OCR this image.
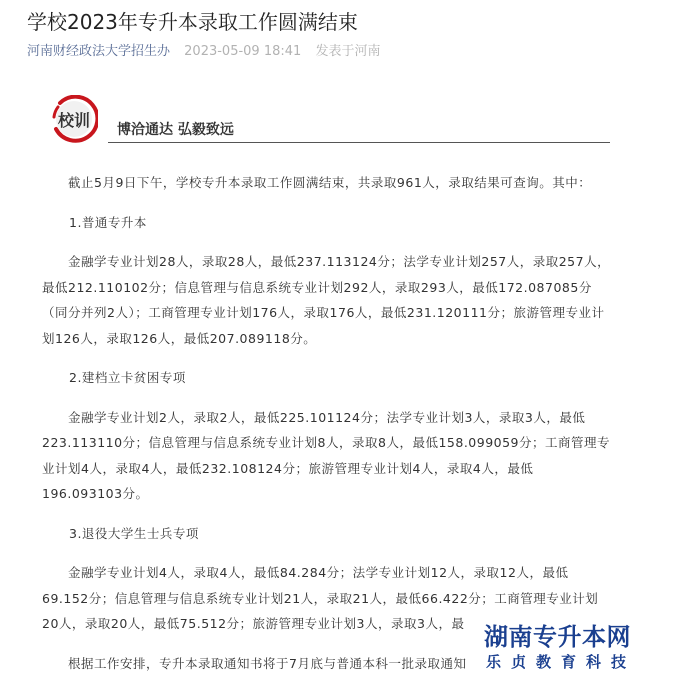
学校2023年专升本录取工作圆满结束
河南财经政法大学招生办 2023-05-09 18:41 发表于河南
校训 博洽通达 弘毅致远

截止5月9日下午，学校专升本录取工作圆满结束，共录取961人，录取结果可查询。其中：

1.普通专升本

金融学专业计划28人，录取28人，最低237.113124分；法学专业计划257人，录取257人，最低212.110102分；信息管理与信息系统专业计划292人，录取293人，最低172.087085分（同分并列2人）；工商管理专业计划176人，录取176人，最低231.120111分；旅游管理专业计划126人，录取126人，最低207.089118分。

2.建档立卡贫困专项

金融学专业计划2人，录取2人，最低225.101124分；法学专业计划3人，录取3人，最低223.113110分；信息管理与信息系统专业计划8人，录取8人，最低158.099059分；工商管理专业计划4人，录取4人，最低232.108124分；旅游管理专业计划4人，录取4人，最低196.093103分。

3.退役大学生士兵专项

金融学专业计划4人，录取4人，最低84.284分；法学专业计划12人，录取12人，最低69.152分；信息管理与信息系统专业计划21人，录取21人，最低66.422分；工商管理专业计划20人，录取20人，最低75.512分；旅游管理专业计划3人，录取3人，最

根据工作安排，专升本录取通知书将于7月底与普通本科一批录取通知

湖南专升本网
乐贞教育科技
